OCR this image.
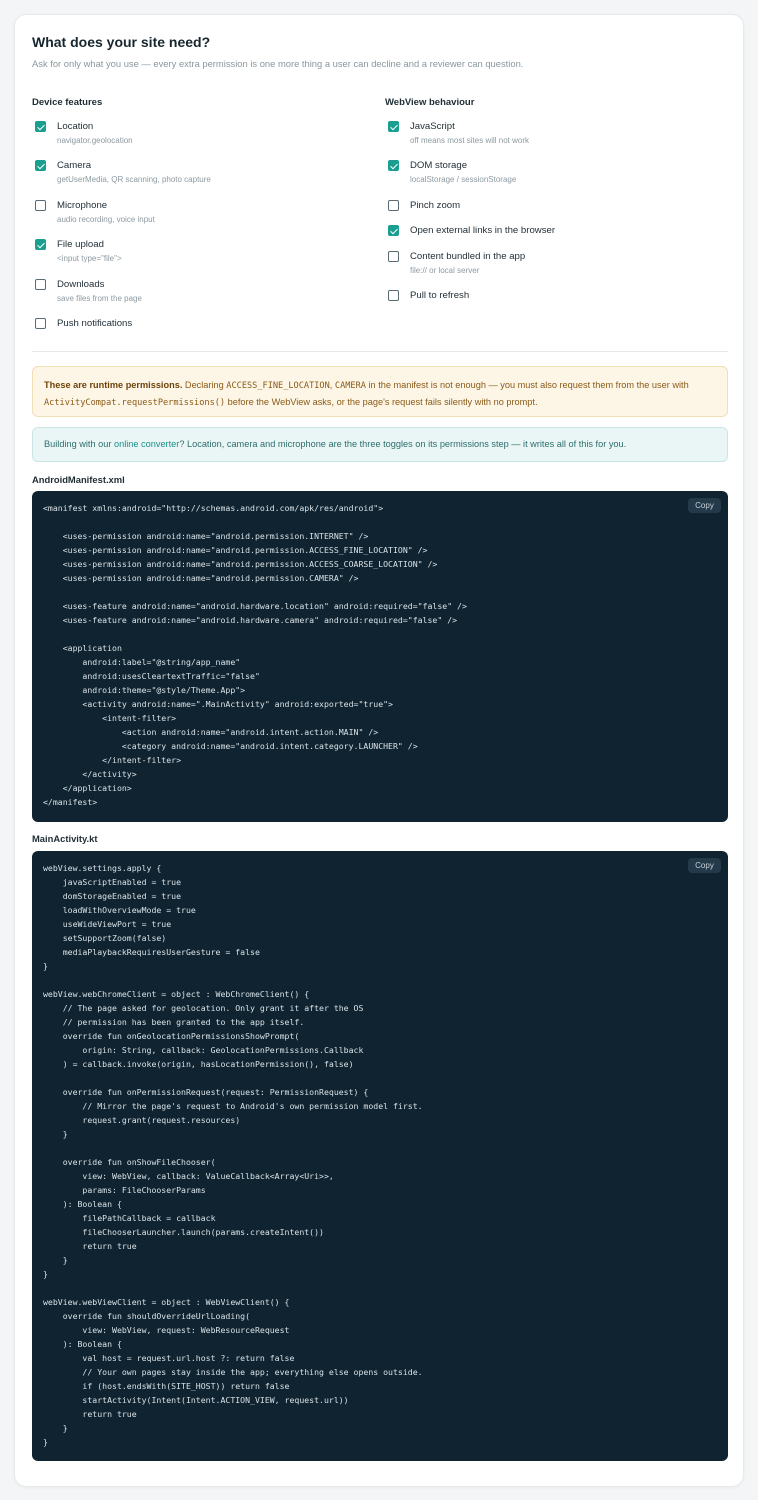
What does your site need?
Ask for only what you use — every extra permission is one more thing a user can decline and a reviewer can question.
Device features
Location
navigator.geolocation
Camera
getUserMedia, QR scanning, photo capture
Microphone
audio recording, voice input
File upload
<input type="file">
Downloads
save files from the page
Push notifications
WebView behaviour
JavaScript
off means most sites will not work
DOM storage
localStorage / sessionStorage
Pinch zoom
Open external links in the browser
Content bundled in the app
file:// or local server
Pull to refresh
These are runtime permissions. Declaring ACCESS_FINE_LOCATION, CAMERA in the manifest is not enough — you must also request them from the user with ActivityCompat.requestPermissions() before the WebView asks, or the page's request fails silently with no prompt.
Building with our online converter? Location, camera and microphone are the three toggles on its permissions step — it writes all of this for you.
AndroidManifest.xml
Copy
<manifest xmlns:android="http://schemas.android.com/apk/res/android">

<uses-permission android:name="android.permission.INTERNET" />
<uses-permission android:name="android.permission.ACCESS_FINE_LOCATION" />
<uses-permission android:name="android.permission.ACCESS_COARSE_LOCATION" />
<uses-permission android:name="android.permission.CAMERA" />

<uses-feature android:name="android.hardware.location" android:required="false" />
<uses-feature android:name="android.hardware.camera" android:required="false" />

<application
android:label="@string/app_name"
android:usesCleartextTraffic="false"
android:theme="@style/Theme.App">
<activity android:name=".MainActivity" android:exported="true">
<intent-filter>
<action android:name="android.intent.action.MAIN" />
<category android:name="android.intent.category.LAUNCHER" />
</intent-filter>
</activity>
</application>
</manifest>
MainActivity.kt
Copy
webView.settings.apply {
javaScriptEnabled = true
domStorageEnabled = true
loadWithOverviewMode = true
useWideViewPort = true
setSupportZoom(false)
mediaPlaybackRequiresUserGesture = false
}

webView.webChromeClient = object : WebChromeClient() {
// The page asked for geolocation. Only grant it after the OS
// permission has been granted to the app itself.
override fun onGeolocationPermissionsShowPrompt(
origin: String, callback: GeolocationPermissions.Callback
) = callback.invoke(origin, hasLocationPermission(), false)

override fun onPermissionRequest(request: PermissionRequest) {
// Mirror the page's request to Android's own permission model first.
request.grant(request.resources)
}

override fun onShowFileChooser(
view: WebView, callback: ValueCallback<Array<Uri>>,
params: FileChooserParams
): Boolean {
filePathCallback = callback
fileChooserLauncher.launch(params.createIntent())
return true
}
}

webView.webViewClient = object : WebViewClient() {
override fun shouldOverrideUrlLoading(
view: WebView, request: WebResourceRequest
): Boolean {
val host = request.url.host ?: return false
// Your own pages stay inside the app; everything else opens outside.
if (host.endsWith(SITE_HOST)) return false
startActivity(Intent(Intent.ACTION_VIEW, request.url))
return true
}
}
